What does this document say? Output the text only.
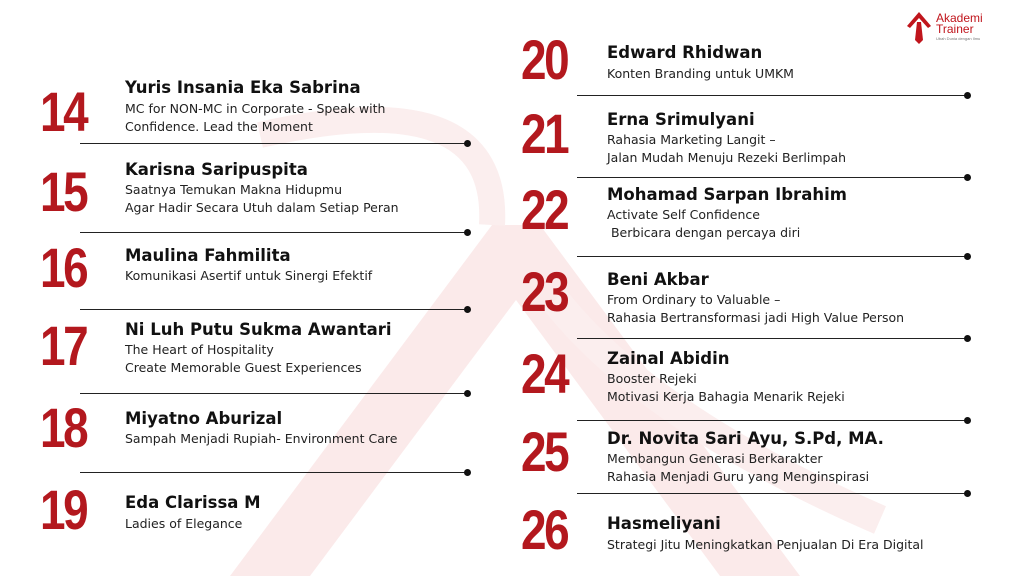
Akademi
Trainer
Ubah Dunia dengan Ilmu
14 Yuris Insania Eka Sabrina
MC for NON-MC in Corporate - Speak with
Confidence. Lead the Moment
15 Karisna Saripuspita
Saatnya Temukan Makna Hidupmu
Agar Hadir Secara Utuh dalam Setiap Peran
16 Maulina Fahmilita
Komunikasi Asertif untuk Sinergi Efektif
17 Ni Luh Putu Sukma Awantari
The Heart of Hospitality
Create Memorable Guest Experiences
18 Miyatno Aburizal
Sampah Menjadi Rupiah- Environment Care
19 Eda Clarissa M
Ladies of Elegance
20 Edward Rhidwan
Konten Branding untuk UMKM
21 Erna Srimulyani
Rahasia Marketing Langit –
Jalan Mudah Menuju Rezeki Berlimpah
22 Mohamad Sarpan Ibrahim
Activate Self Confidence
Berbicara dengan percaya diri
23 Beni Akbar
From Ordinary to Valuable –
Rahasia Bertransformasi jadi High Value Person
24 Zainal Abidin
Booster Rejeki
Motivasi Kerja Bahagia Menarik Rejeki
25 Dr. Novita Sari Ayu, S.Pd, MA.
Membangun Generasi Berkarakter
Rahasia Menjadi Guru yang Menginspirasi
26 Hasmeliyani
Strategi Jitu Meningkatkan Penjualan Di Era Digital
